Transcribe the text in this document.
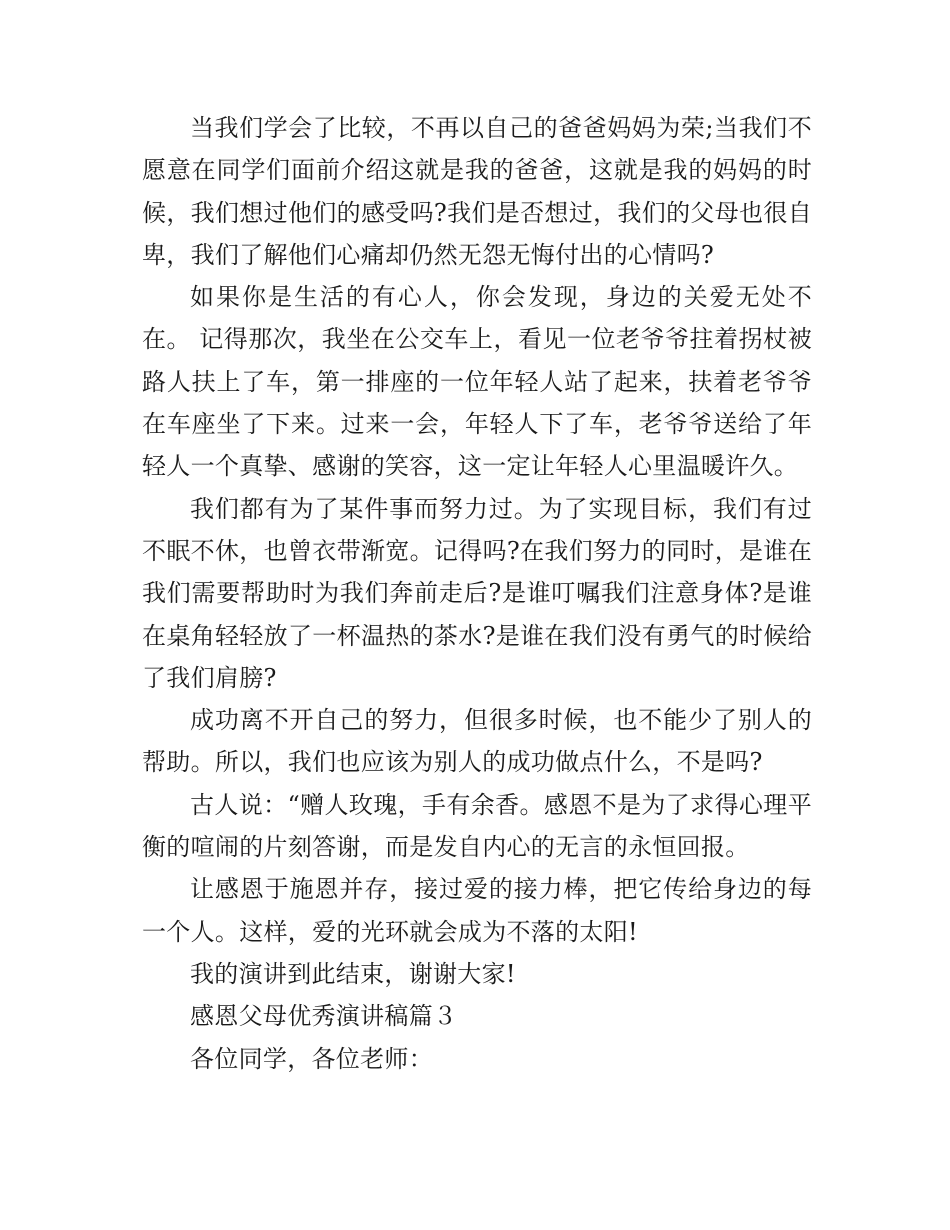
当我们学会了比较，不再以自己的爸爸妈妈为荣;当我们不愿意在同学们面前介绍这就是我的爸爸，这就是我的妈妈的时候，我们想过他们的感受吗?我们是否想过，我们的父母也很自卑，我们了解他们心痛却仍然无怨无悔付出的心情吗?

如果你是生活的有心人，你会发现，身边的关爱无处不在。 记得那次，我坐在公交车上，看见一位老爷爷拄着拐杖被路人扶上了车，第一排座的一位年轻人站了起来，扶着老爷爷在车座坐了下来。过来一会，年轻人下了车，老爷爷送给了年轻人一个真挚、感谢的笑容，这一定让年轻人心里温暖许久。

我们都有为了某件事而努力过。为了实现目标，我们有过不眠不休，也曾衣带渐宽。记得吗?在我们努力的同时，是谁在我们需要帮助时为我们奔前走后?是谁叮嘱我们注意身体?是谁在桌角轻轻放了一杯温热的茶水?是谁在我们没有勇气的时候给了我们肩膀?

成功离不开自己的努力，但很多时候，也不能少了别人的帮助。所以，我们也应该为别人的成功做点什么，不是吗?

古人说：“赠人玫瑰，手有余香。感恩不是为了求得心理平衡的喧闹的片刻答谢，而是发自内心的无言的永恒回报。

让感恩于施恩并存，接过爱的接力棒，把它传给身边的每一个人。这样，爱的光环就会成为不落的太阳!

我的演讲到此结束，谢谢大家!

感恩父母优秀演讲稿篇３

各位同学，各位老师：
